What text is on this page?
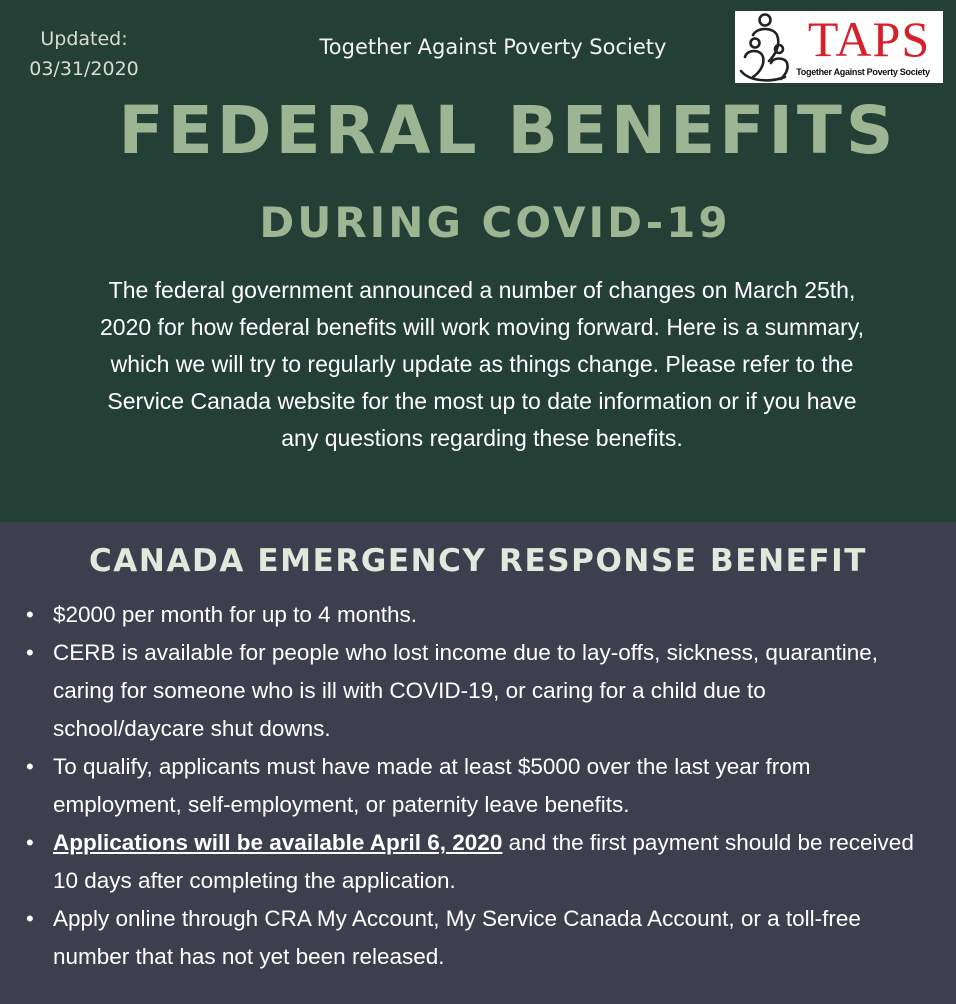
Updated:
03/31/2020
Together Against Poverty Society	TAPS
Together Against Poverty Society
FEDERAL BENEFITS
DURING COVID-19

The federal government announced a number of changes on March 25th, 2020 for how federal benefits will work moving forward. Here is a summary, which we will try to regularly update as things change. Please refer to the Service Canada website for the most up to date information or if you have any questions regarding these benefits.

CANADA EMERGENCY RESPONSE BENEFIT
• $2000 per month for up to 4 months.
• CERB is available for people who lost income due to lay-offs, sickness, quarantine, caring for someone who is ill with COVID-19, or caring for a child due to school/daycare shut downs.
• To qualify, applicants must have made at least $5000 over the last year from employment, self-employment, or paternity leave benefits.
• Applications will be available April 6, 2020 and the first payment should be received 10 days after completing the application.
• Apply online through CRA My Account, My Service Canada Account, or a toll-free number that has not yet been released.
